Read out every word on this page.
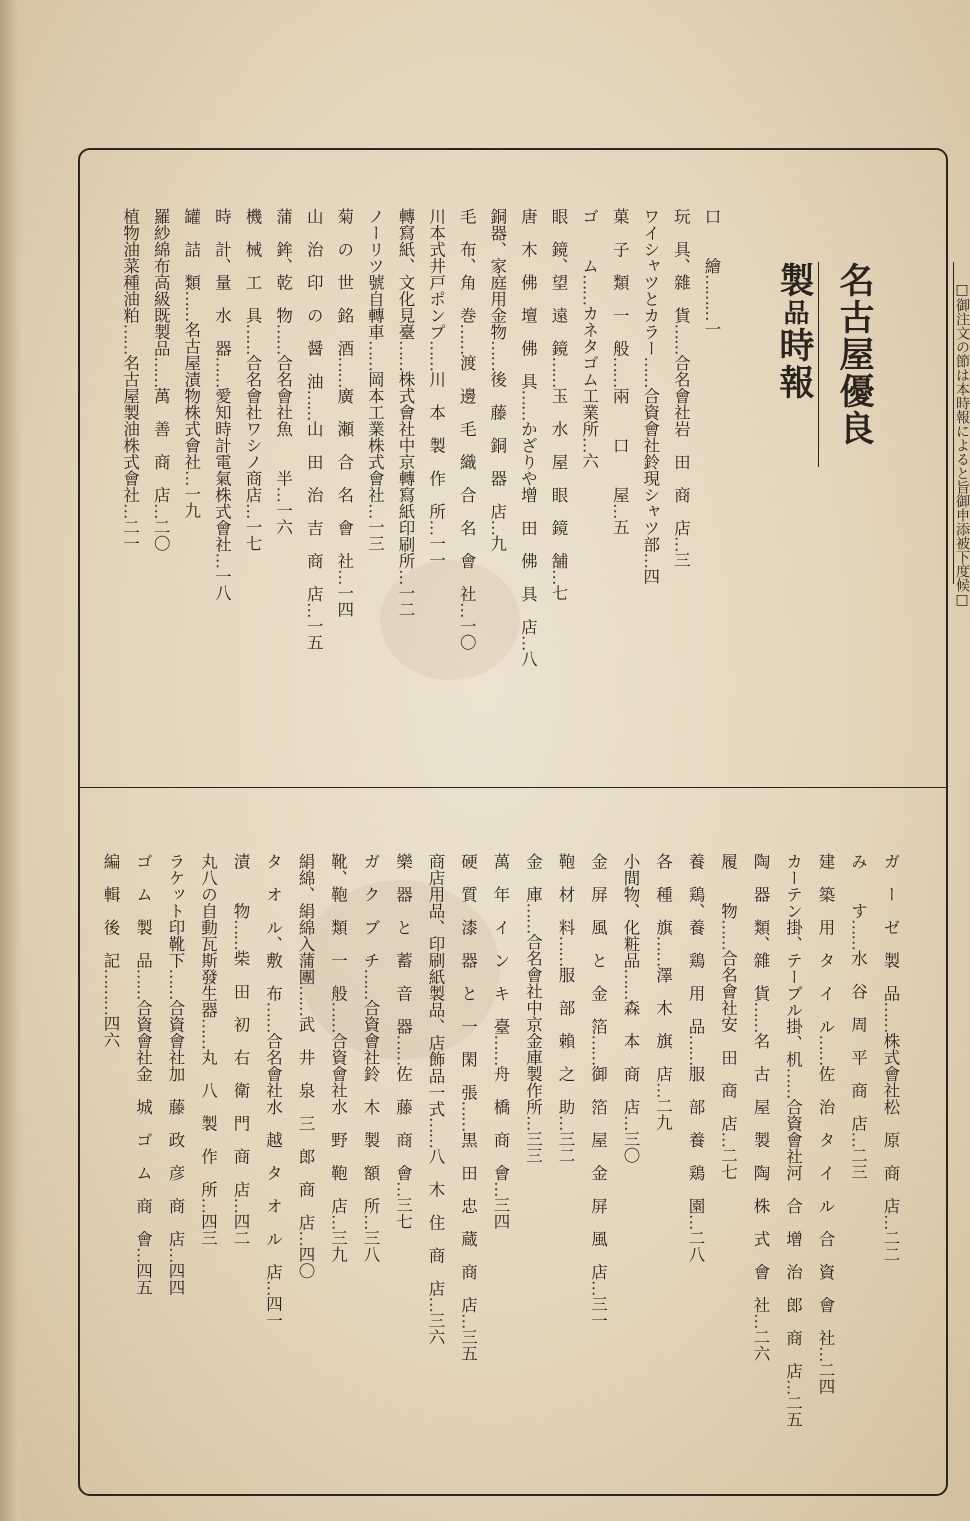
名古屋優良製品時報	□御注文の節は本時報によると旨御申添被下度候□
口　　繪………一
玩　具、雜　貨……合名會社岩　田　商　店…三
ワイシャツとカラー……合資會社鈴現シャツ部…四
菓　子　類　一　般……兩　　口　　屋…五
ゴ　　ム……カネタゴム工業所…六
眼　鏡、望　遠　鏡……玉　水　屋　眼　鏡　舗…七
唐　木　佛　壇　佛　具……かざりや增　田　佛　具　店…八
銅器、家庭用金物……後　藤　銅　器　店…九
毛　布、角　巻……渡　邊　毛　織　合　名　會　社…一〇
川本式井戸ポンプ……川　本　製　作　所…一一
轉寫紙、文化見臺……株式會社中京轉寫紙印刷所…一二
ノーリツ號自轉車……岡本工業株式會社…一三
菊　の　世　銘　酒……廣　瀬　合　名　會　社…一四
山　治　印　の　醤　油……山　田　治　吉　商　店…一五
蒲　鉾、乾　物……合名會社魚　　半…一六
機　械　工　具……合名會社ワシノ商店…一七
時　計、量　水　器……愛知時計電氣株式會社…一八
罐　詰　類……名古屋漬物株式會社…一九
羅紗綿布高級既製品……萬　善　商　店…二〇
植物油菜種油粕……名古屋製油株式會社…二一
ガ　ー　ゼ　製　品……株式會社松　原　商　店…二二
み　　す……水　谷　周　平　商　店…二三
建　築　用　タ　イ　ル……佐　治　タ　イ　ル　合　資　會　社…二四
カーテン掛、テーブル掛、机……合資會社河　合　增　治　郎　商　店…二五
陶　器　類、雜　貨……名　古　屋　製　陶　株　式　會　社…二六
履　　物……合名會社安　田　商　店…二七
養　鶏、養　鶏　用　品……服　部　養　鶏　園…二八
各　種　旗……澤　木　旗　店…二九
小間物、化粧品……森　本　商　店…三〇
金　屏　風　と　金　箔……御　箔　屋　金　屏　風　店…三一
鞄　材　料……服　部　賴　之　助…三二
金　庫……合名會社中京金庫製作所…三三
萬　年　イ　ン　キ　臺……舟　橋　商　會…三四
硬　質　漆　器　と　一　閑　張……黒　田　忠　蔵　商　店…三五
商店用品、印刷紙製品、店飾品一式……八　木　住　商　店…三六
樂　器　と　蓄　音　器……佐　藤　商　會…三七
ガ　ク　ブ　チ……合資會社鈴　木　製　額　所…三八
靴、鞄　類　一　般……合資會社水　野　鞄　店…三九
絹綿、絹綿入蒲團……武　井　泉　三　郎　商　店…四〇
タ　オ　ル、敷　布……合名會社水　越　タ　オ　ル　店…四一
漬　　物……柴　田　初　右　衛　門　商　店…四二
丸八の自動瓦斯發生器……丸　八　製　作　所…四三
ラケット印靴下……合資會社加　藤　政　彦　商　店…四四
ゴ　ム　製　品……合資會社金　城　ゴ　ム　商　會…四五
編　輯　後　記………四六
